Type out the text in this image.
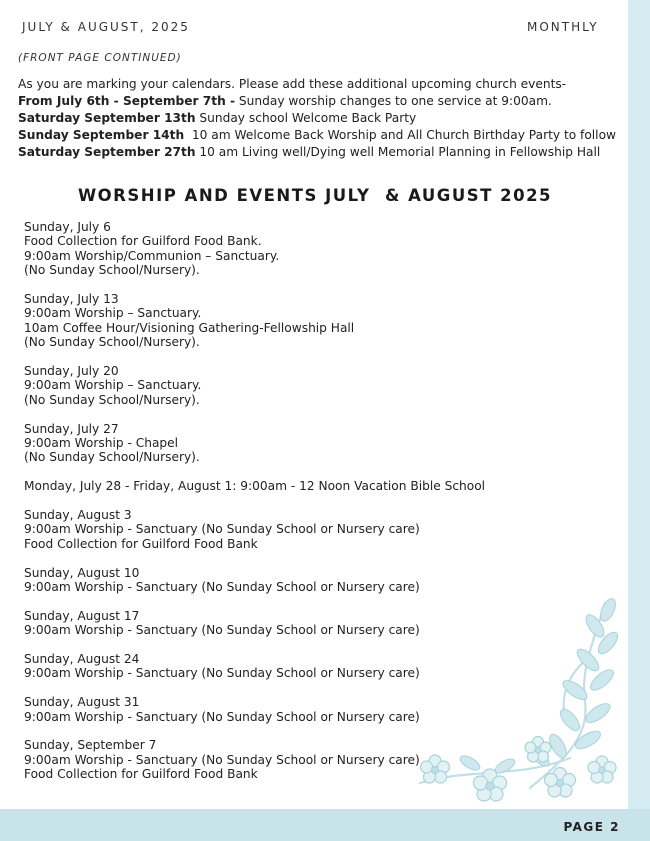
JULY & AUGUST, 2025	MONTHLY
(FRONT PAGE CONTINUED)
As you are marking your calendars. Please add these additional upcoming church events-
From July 6th - September 7th - Sunday worship changes to one service at 9:00am.
Saturday September 13th Sunday school Welcome Back Party
Sunday September 14th  10 am Welcome Back Worship and All Church Birthday Party to follow
Saturday September 27th 10 am Living well/Dying well Memorial Planning in Fellowship Hall
WORSHIP AND EVENTS JULY  & AUGUST 2025
Sunday, July 6
Food Collection for Guilford Food Bank.
9:00am Worship/Communion – Sanctuary.
(No Sunday School/Nursery).
Sunday, July 13
9:00am Worship – Sanctuary.
10am Coffee Hour/Visioning Gathering-Fellowship Hall
(No Sunday School/Nursery).
Sunday, July 20
9:00am Worship – Sanctuary.
(No Sunday School/Nursery).
Sunday, July 27
9:00am Worship - Chapel
(No Sunday School/Nursery).
Monday, July 28 - Friday, August 1: 9:00am - 12 Noon Vacation Bible School
Sunday, August 3
9:00am Worship - Sanctuary (No Sunday School or Nursery care)
Food Collection for Guilford Food Bank
Sunday, August 10
9:00am Worship - Sanctuary (No Sunday School or Nursery care)
Sunday, August 17
9:00am Worship - Sanctuary (No Sunday School or Nursery care)
Sunday, August 24
9:00am Worship - Sanctuary (No Sunday School or Nursery care)
Sunday, August 31
9:00am Worship - Sanctuary (No Sunday School or Nursery care)
Sunday, September 7
9:00am Worship - Sanctuary (No Sunday School or Nursery care)
Food Collection for Guilford Food Bank
PAGE 2
